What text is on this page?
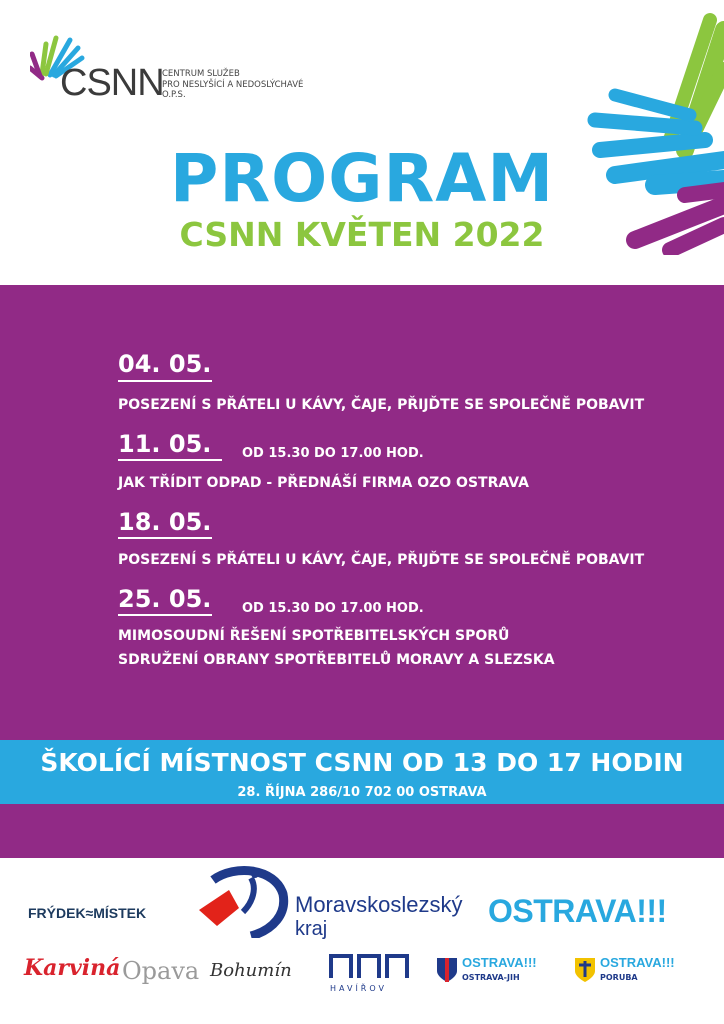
CSNN
CENTRUM SLUŽEB
PRO NESLYŠÍCÍ A NEDOSLÝCHAVÉ
O.P.S.
PROGRAM
CSNN KVĚTEN 2022
04. 05.
POSEZENÍ S PŘÁTELI U KÁVY, ČAJE, PŘIJĎTE SE SPOLEČNĚ POBAVIT
11. 05. OD 15.30 DO 17.00 HOD.
JAK TŘÍDIT ODPAD - PŘEDNÁŠÍ FIRMA OZO OSTRAVA
18. 05.
POSEZENÍ S PŘÁTELI U KÁVY, ČAJE, PŘIJĎTE SE SPOLEČNĚ POBAVIT
25. 05. OD 15.30 DO 17.00 HOD.
MIMOSOUDNÍ ŘEŠENÍ SPOTŘEBITELSKÝCH SPORŮ
SDRUŽENÍ OBRANY SPOTŘEBITELŮ MORAVY A SLEZSKA
ŠKOLÍCÍ MÍSTNOST CSNN OD 13 DO 17 HODIN
28. ŘÍJNA 286/10 702 00 OSTRAVA
FRÝDEK≈MÍSTEK	Moravskoslezský
kraj	OSTRAVA!!!
Karviná Opava Bohumín
HAVÍŘOV
OSTRAVA!!!
OSTRAVA-JIH
OSTRAVA!!!
PORUBA
